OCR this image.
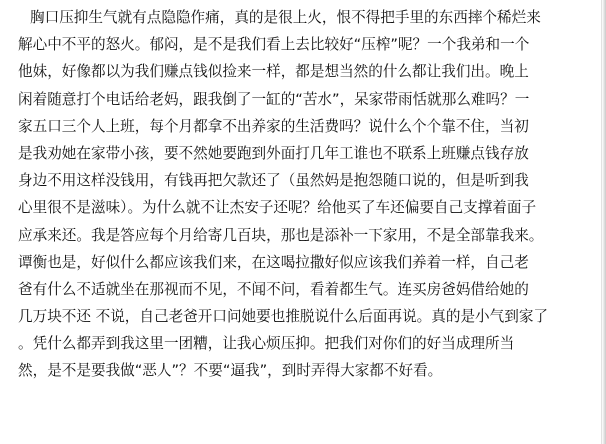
胸口压抑生气就有点隐隐作痛，真的是很上火，恨不得把手里的东西摔个稀烂来
解心中不平的怒火。郁闷，是不是我们看上去比较好“压榨”呢？一个我弟和一个
他妹，好像都以为我们赚点钱似捡来一样，都是想当然的什么都让我们出。晚上
闲着随意打个电话给老妈，跟我倒了一缸的“苦水”，呆家带雨恬就那么难吗？一
家五口三个人上班，每个月都拿不出养家的生活费吗？说什么个个靠不住，当初
是我劝她在家带小孩，要不然她要跑到外面打几年工谁也不联系上班赚点钱存放
身边不用这样没钱用，有钱再把欠款还了（虽然妈是抱怨随口说的，但是听到我
心里很不是滋味）。为什么就不让杰安子还呢？给他买了车还偏要自己支撑着面子
应承来还。我是答应每个月给寄几百块，那也是添补一下家用，不是全部靠我来。
谭衡也是，好似什么都应该我们来，在这喝拉撒好似应该我们养着一样，自己老
爸有什么不适就坐在那视而不见，不闻不问，看着都生气。连买房爸妈借给她的
几万块不还 不说，自己老爸开口问她要也推脱说什么后面再说。真的是小气到家了
。凭什么都弄到我这里一团糟，让我心烦压抑。把我们对你们的好当成理所当
然，是不是要我做“恶人”？不要“逼我”，到时弄得大家都不好看。
